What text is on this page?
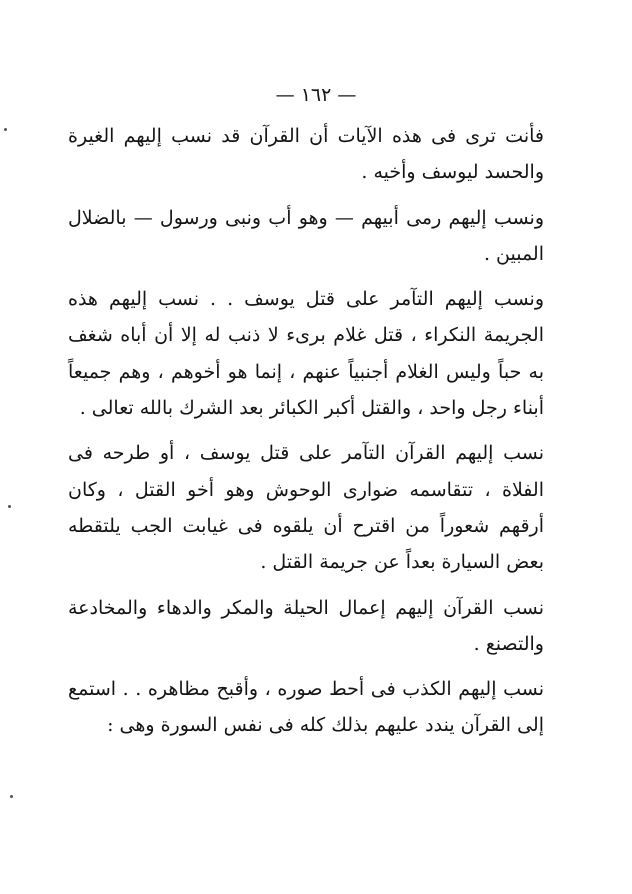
— ١٦٢ —

فأنت ترى فى هذه الآيات أن القرآن قد نسب إليهم الغيرة والحسد ليوسف وأخيه .

ونسب إليهم رمى أبيهم — وهو أب ونبى ورسول — بالضلال المبين .

ونسب إليهم التآمر على قتل يوسف . . نسب إليهم هذه الجريمة النكراء ، قتل غلام برىء لا ذنب له إلا أن أباه شغف به حباً وليس الغلام أجنبياً عنهم ، إنما هو أخوهم ، وهم جميعاً أبناء رجل واحد ، والقتل أكبر الكبائر بعد الشرك بالله تعالى .

نسب إليهم القرآن التآمر على قتل يوسف ، أو طرحه فى الفلاة ، تتقاسمه ضوارى الوحوش وهو أخو القتل ، وكان أرقهم شعوراً من اقترح أن يلقوه فى غيابت الجب يلتقطه بعض السيارة بعداً عن جريمة القتل .

نسب القرآن إليهم إعمال الحيلة والمكر والدهاء والمخادعة والتصنع .

نسب إليهم الكذب فى أحط صوره ، وأقبح مظاهره . . استمع إلى القرآن يندد عليهم بذلك كله فى نفس السورة وهى :
